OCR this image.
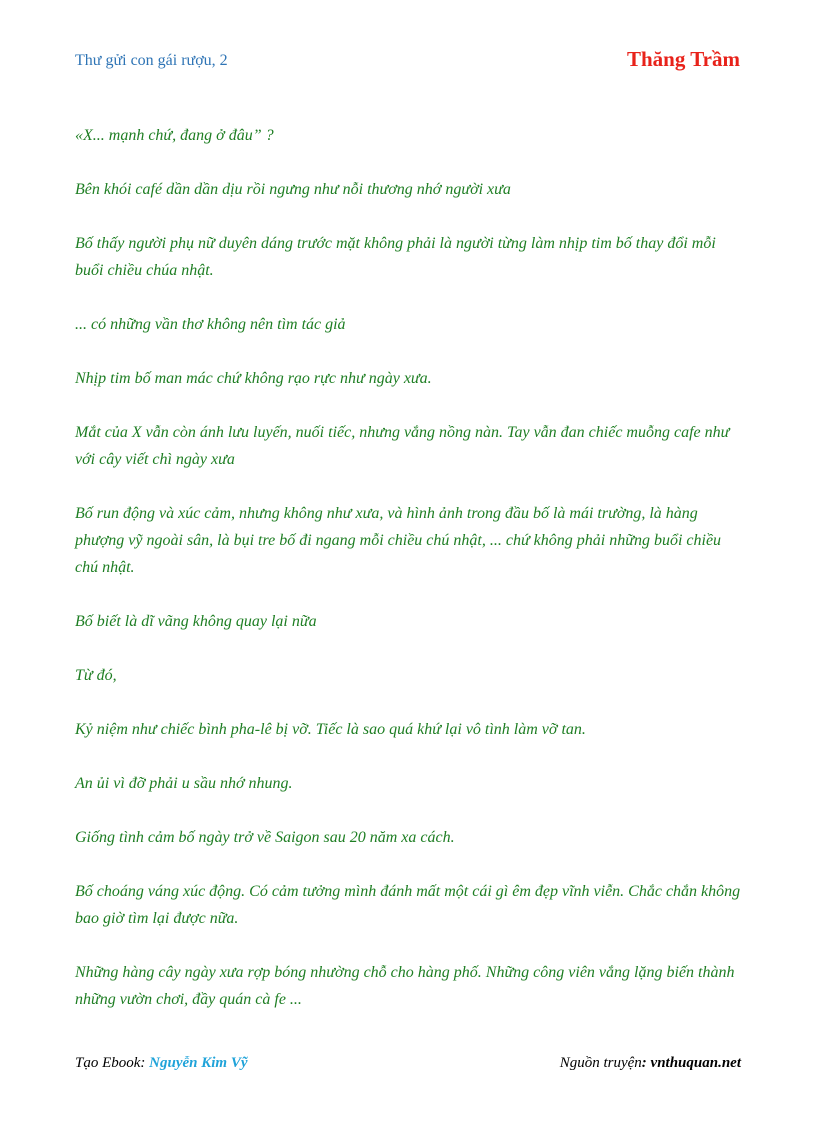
Thư gửi con gái rượu, 2	Thăng Trầm

«X... mạnh chứ, đang ở đâu” ?

Bên khói café dần dần dịu rồi ngưng như nỗi thương nhớ người xưa

Bố thấy người phụ nữ duyên dáng trước mặt không phải là người từng làm nhịp tim bố thay đổi mỗi buổi chiều chúa nhật.

... có những vần thơ không nên tìm tác giả

Nhịp tim bố man mác chứ không rạo rực như ngày xưa.

Mắt của X vẫn còn ánh lưu luyến, nuối tiếc, nhưng vắng nồng nàn. Tay vẫn đan chiếc muỗng cafe như với cây viết chì ngày xưa

Bố run động và xúc cảm, nhưng không như xưa, và hình ảnh trong đầu bố là mái trường, là hàng phượng vỹ ngoài sân, là bụi tre bố đi ngang mỗi chiều chú nhật, ... chứ không phải những buổi chiều chú nhật.

Bố biết là dĩ vãng không quay lại nữa

Từ đó,

Kỷ niệm như chiếc bình pha-lê bị vỡ. Tiếc là sao quá khứ lại vô tình làm vỡ tan.

An ủi vì đỡ phải u sầu nhớ nhung.

Giống tình cảm bố ngày trở về Saigon sau 20 năm xa cách.

Bố choáng váng xúc động. Có cảm tưởng mình đánh mất một cái gì êm đẹp vĩnh viễn. Chắc chắn không bao giờ tìm lại được nữa.

Những hàng cây ngày xưa rợp bóng nhường chỗ cho hàng phố. Những công viên vắng lặng biến thành những vườn chơi, đầy quán cà fe ...

Tạo Ebook: Nguyễn Kim Vỹ	Nguồn truyện: vnthuquan.net
